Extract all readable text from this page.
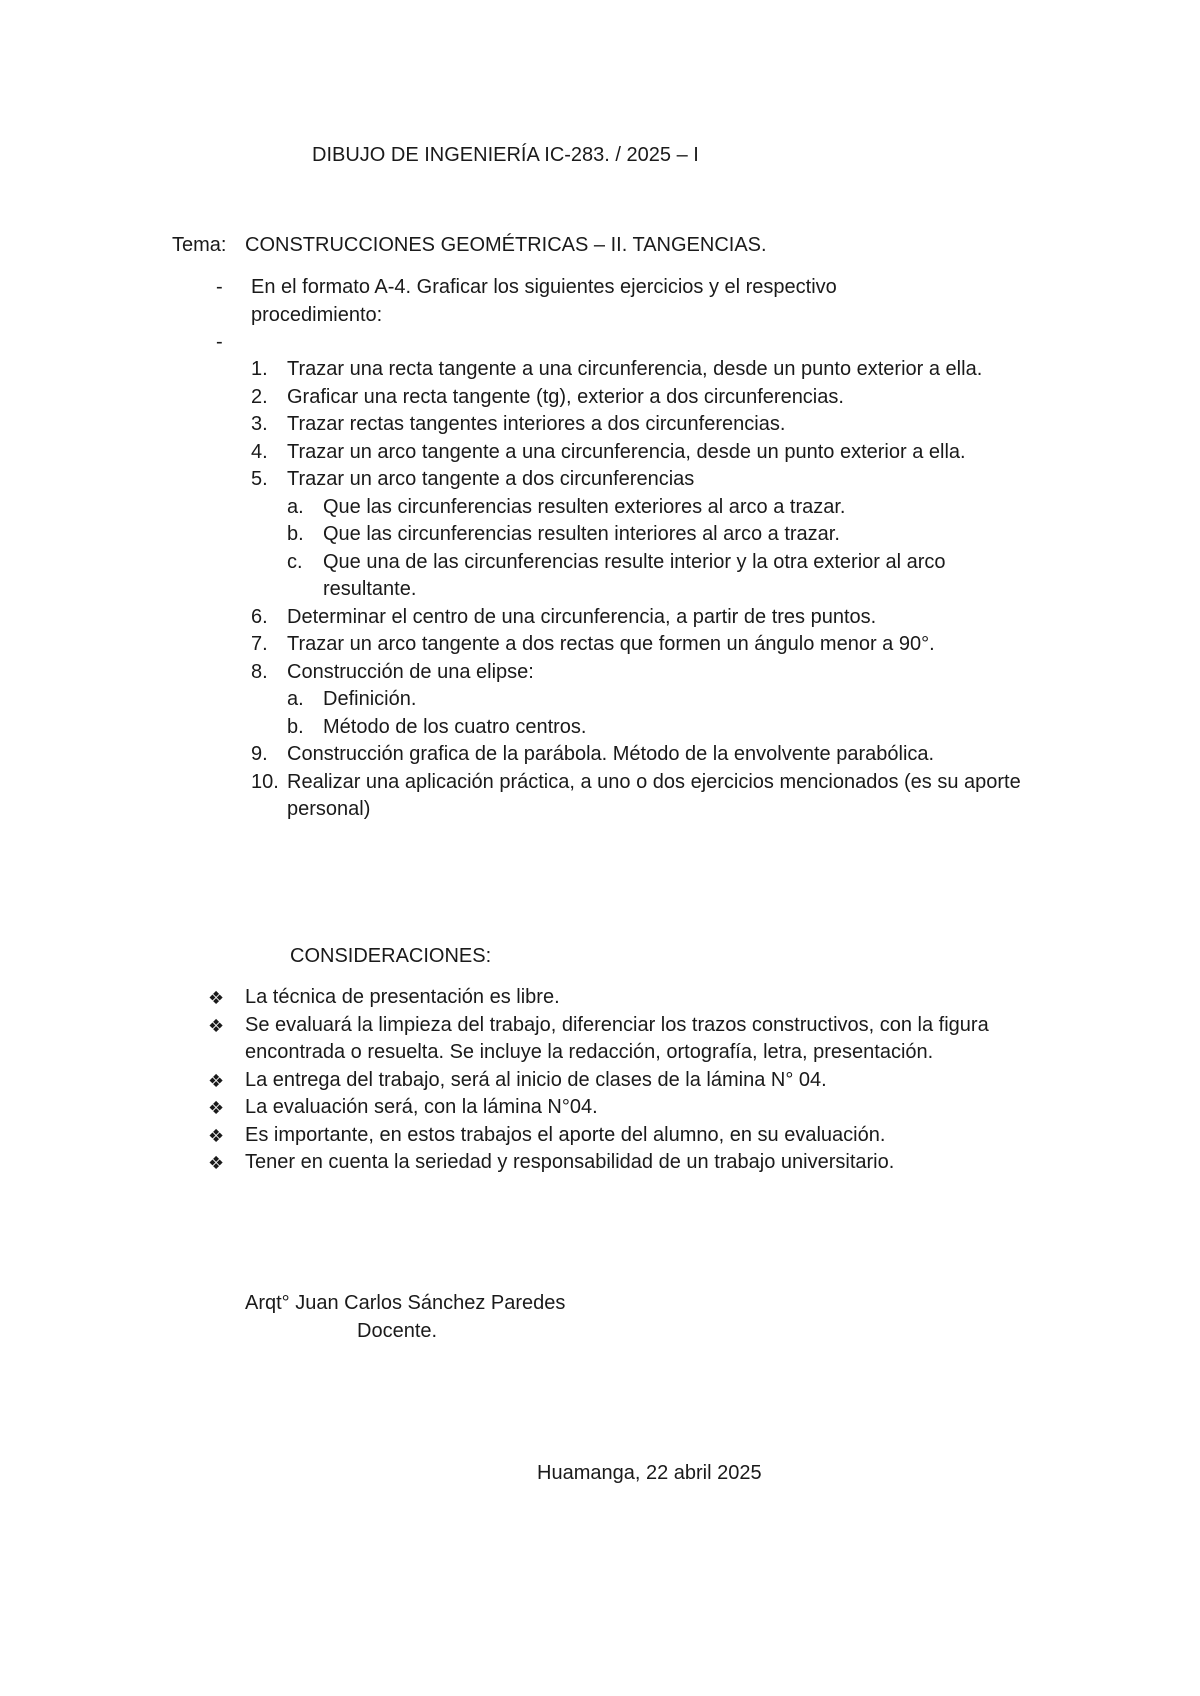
DIBUJO DE INGENIERÍA IC-283. / 2025 – I
Tema: CONSTRUCCIONES GEOMÉTRICAS – II. TANGENCIAS.
- En el formato A-4. Graficar los siguientes ejercicios y el respectivo procedimiento:
-
1. Trazar una recta tangente a una circunferencia, desde un punto exterior a ella.
2. Graficar una recta tangente (tg), exterior a dos circunferencias.
3. Trazar rectas tangentes interiores a dos circunferencias.
4. Trazar un arco tangente a una circunferencia, desde un punto exterior a ella.
5. Trazar un arco tangente a dos circunferencias
a. Que las circunferencias resulten exteriores al arco a trazar.
b. Que las circunferencias resulten interiores al arco a trazar.
c.	Que una de las circunferencias resulte interior y la otra exterior al arco resultante.
6. Determinar el centro de una circunferencia, a partir de tres puntos.
7. Trazar un arco tangente a dos rectas que formen un ángulo menor a 90°.
8. Construcción de una elipse:
a. Definición.
b. Método de los cuatro centros.
9. Construcción grafica de la parábola. Método de la envolvente parabólica.
10. Realizar una aplicación práctica, a uno o dos ejercicios mencionados (es su aporte personal)
CONSIDERACIONES:
❖ La técnica de presentación es libre.
❖ Se evaluará la limpieza del trabajo, diferenciar los trazos constructivos, con la figura encontrada o resuelta. Se incluye la redacción, ortografía, letra, presentación.
❖ La entrega del trabajo, será al inicio de clases de la lámina N° 04.
❖ La evaluación será, con la lámina N°04.
❖ Es importante, en estos trabajos el aporte del alumno, en su evaluación.
❖ Tener en cuenta la seriedad y responsabilidad de un trabajo universitario.
Arqt° Juan Carlos Sánchez Paredes
Docente.
Huamanga, 22 abril 2025
